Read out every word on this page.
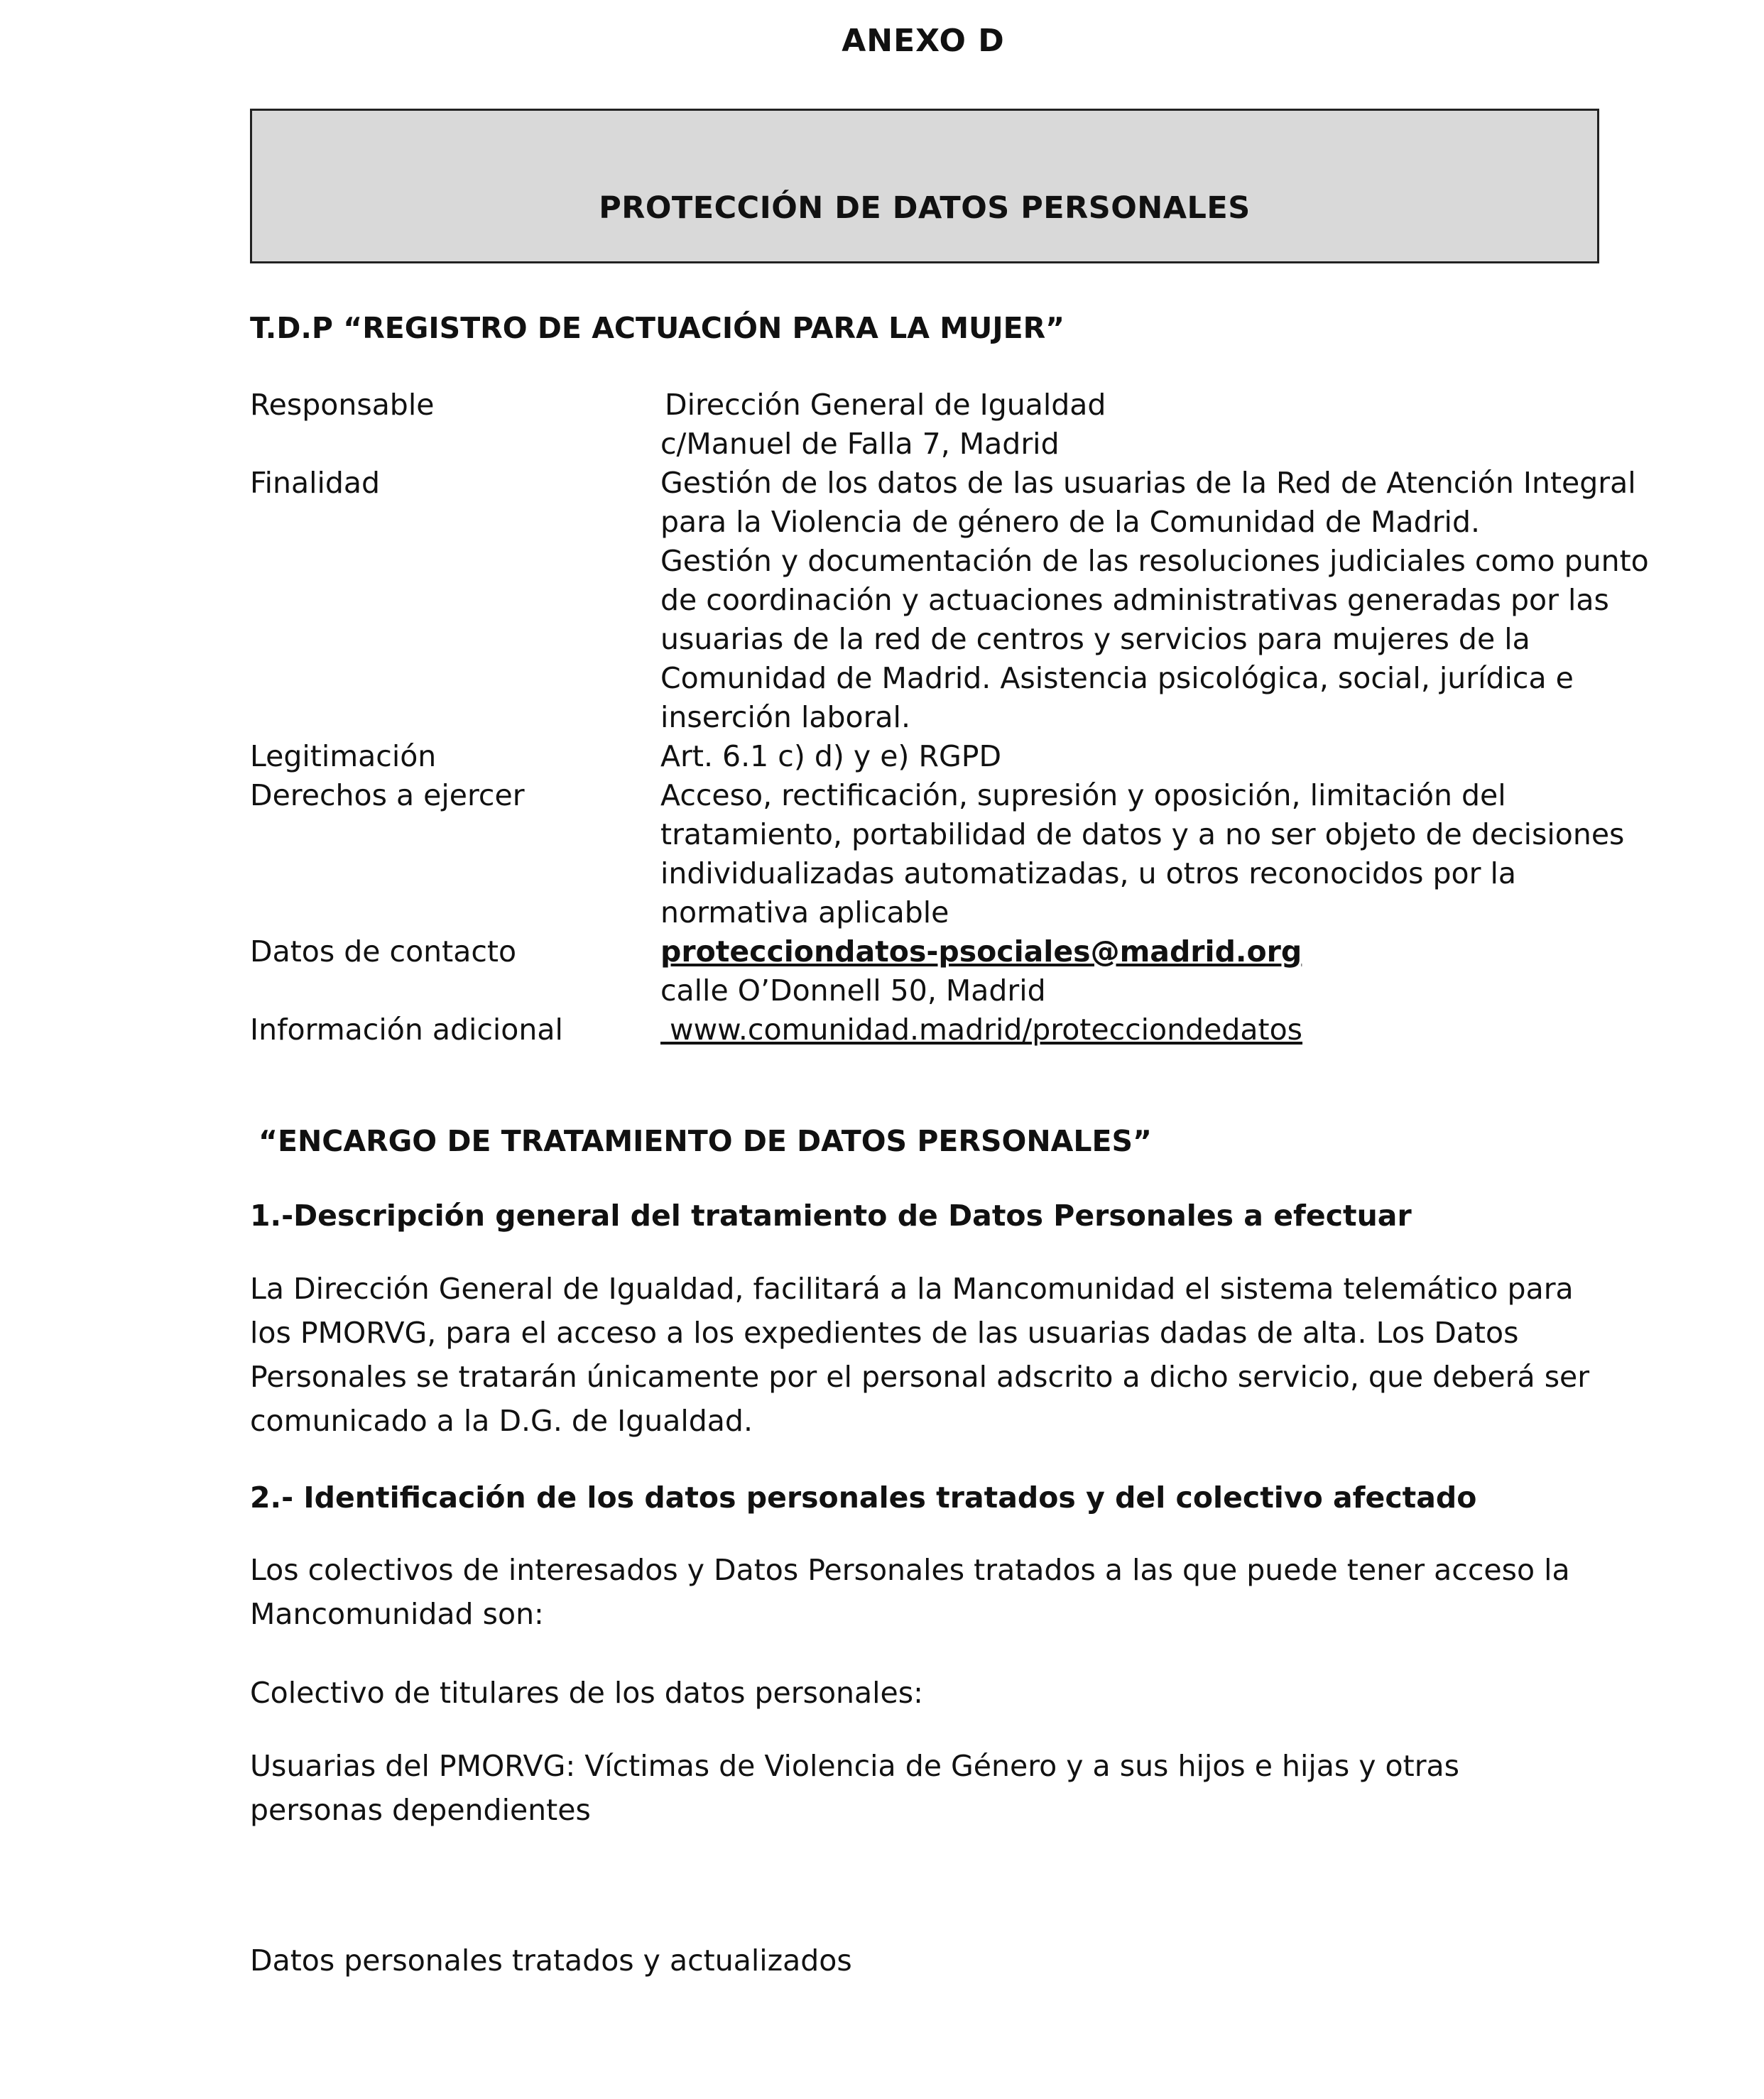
ANEXO D
PROTECCIÓN DE DATOS PERSONALES
T.D.P “REGISTRO DE ACTUACIÓN PARA LA MUJER”
Responsable	Dirección General de Igualdad
c/Manuel de Falla 7, Madrid
Finalidad	Gestión de los datos de las usuarias de la Red de Atención Integral
para la Violencia de género de la Comunidad de Madrid.
Gestión y documentación de las resoluciones judiciales como punto
de coordinación y actuaciones administrativas generadas por las
usuarias de la red de centros y servicios para mujeres de la
Comunidad de Madrid. Asistencia psicológica, social, jurídica e
inserción laboral.
Legitimación	Art. 6.1 c) d) y e) RGPD
Derechos a ejercer	Acceso, rectificación, supresión y oposición, limitación del
tratamiento, portabilidad de datos y a no ser objeto de decisiones
individualizadas automatizadas, u otros reconocidos por la
normativa aplicable
Datos de contacto	protecciondatos-psociales@madrid.org
calle O’Donnell 50, Madrid
Información adicional	www.comunidad.madrid/protecciondedatos
“ENCARGO DE TRATAMIENTO DE DATOS PERSONALES”
1.-Descripción general del tratamiento de Datos Personales a efectuar
La Dirección General de Igualdad, facilitará a la Mancomunidad el sistema telemático para
los PMORVG, para el acceso a los expedientes de las usuarias dadas de alta. Los Datos
Personales se tratarán únicamente por el personal adscrito a dicho servicio, que deberá ser
comunicado a la D.G. de Igualdad.
2.- Identificación de los datos personales tratados y del colectivo afectado
Los colectivos de interesados y Datos Personales tratados a las que puede tener acceso la
Mancomunidad son:
Colectivo de titulares de los datos personales:
Usuarias del PMORVG: Víctimas de Violencia de Género y a sus hijos e hijas y otras
personas dependientes
Datos personales tratados y actualizados
